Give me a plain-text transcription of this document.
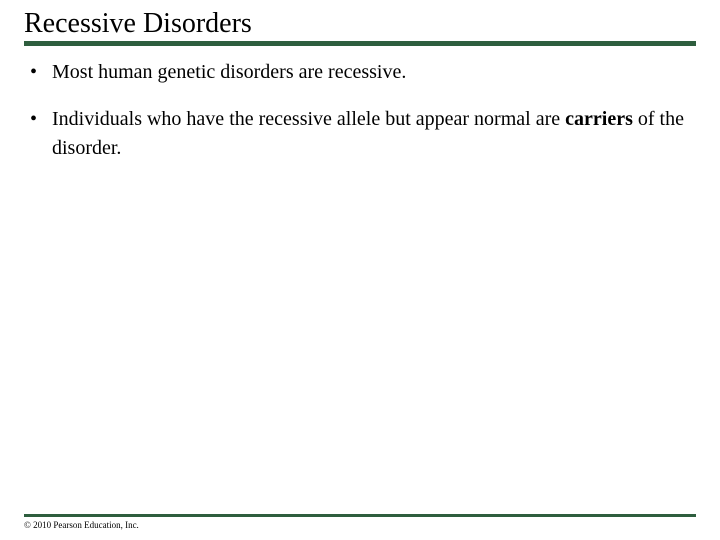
Recessive Disorders
• Most human genetic disorders are recessive.
• Individuals who have the recessive allele but appear normal are carriers of the disorder.
© 2010 Pearson Education, Inc.
